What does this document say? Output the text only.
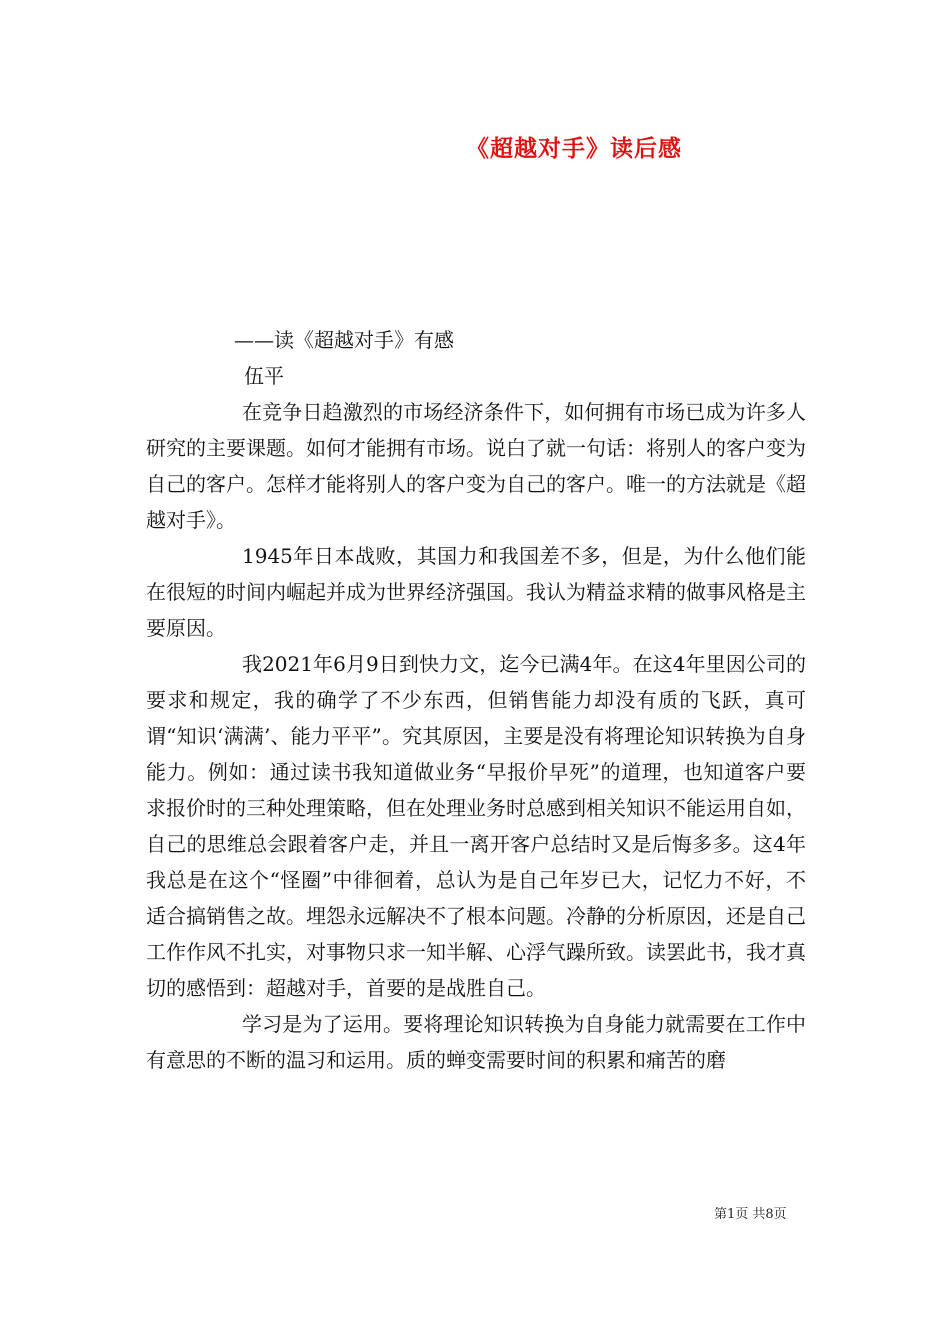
《超越对手》读后感
——读《超越对手》有感
伍平

在竞争日趋激烈的市场经济条件下，如何拥有市场已成为许多人研究的主要课题。如何才能拥有市场。说白了就一句话：将别人的客户变为自己的客户。怎样才能将别人的客户变为自己的客户。唯一的方法就是《超越对手》。

1945年日本战败，其国力和我国差不多，但是，为什么他们能在很短的时间内崛起并成为世界经济强国。我认为精益求精的做事风格是主要原因。

我2021年6月9日到快力文，迄今已满4年。在这4年里因公司的要求和规定，我的确学了不少东西，但销售能力却没有质的飞跃，真可谓“知识‘满满’、能力平平”。究其原因，主要是没有将理论知识转换为自身能力。例如：通过读书我知道做业务“早报价早死”的道理，也知道客户要求报价时的三种处理策略，但在处理业务时总感到相关知识不能运用自如，自己的思维总会跟着客户走，并且一离开客户总结时又是后悔多多。这4年我总是在这个“怪圈”中徘徊着，总认为是自己年岁已大，记忆力不好，不适合搞销售之故。埋怨永远解决不了根本问题。冷静的分析原因，还是自己工作作风不扎实，对事物只求一知半解、心浮气躁所致。读罢此书，我才真切的感悟到：超越对手，首要的是战胜自己。

学习是为了运用。要将理论知识转换为自身能力就需要在工作中有意思的不断的温习和运用。质的蝉变需要时间的积累和痛苦的磨

第1页 共8页
